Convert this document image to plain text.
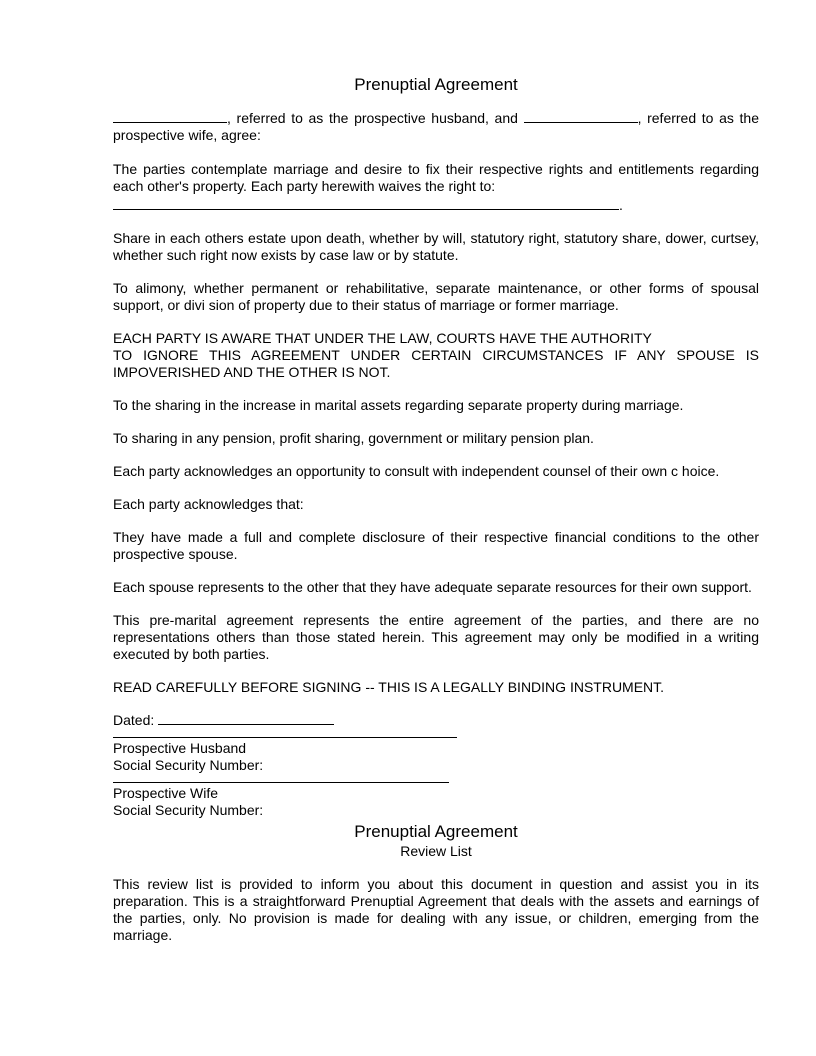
Prenuptial Agreement
, referred to as the prospective husband, and	, referred to as the prospective wife, agree:
The parties contemplate marriage and desire to fix their respective rights and entitlements regarding each other's property. Each party herewith waives the right to:
.
Share in each others estate upon death, whether by will, statutory right, statutory share, dower, curtsey, whether such right now exists by case law or by statute.
To alimony, whether permanent or rehabilitative, separate maintenance, or other forms of spousal support, or divi sion of property due to their status of marriage or former marriage.
EACH PARTY IS AWARE THAT UNDER THE LAW, COURTS HAVE THE AUTHORITY
TO IGNORE THIS AGREEMENT UNDER CERTAIN CIRCUMSTANCES IF ANY SPOUSE IS IMPOVERISHED AND THE OTHER IS NOT.
To the sharing in the increase in marital assets regarding separate property during marriage.
To sharing in any pension, profit sharing, government or military pension plan.
Each party acknowledges an opportunity to consult with independent counsel of their own c hoice.
Each party acknowledges that:
They have made a full and complete disclosure of their respective financial conditions to the other prospective spouse.
Each spouse represents to the other that they have adequate separate resources for their own support.
This pre-marital agreement represents the entire agreement of the parties, and there are no representations others than those stated herein. This agreement may only be modified in a writing executed by both parties.
READ CAREFULLY BEFORE SIGNING -- THIS IS A LEGALLY BINDING INSTRUMENT.
Dated:
Prospective Husband
Social Security Number:
Prospective Wife
Social Security Number:
Prenuptial Agreement
Review List
This review list is provided to inform you about this document in question and assist you in its preparation. This is a straightforward Prenuptial Agreement that deals with the assets and earnings of the parties, only. No provision is made for dealing with any issue, or children, emerging from the marriage.
